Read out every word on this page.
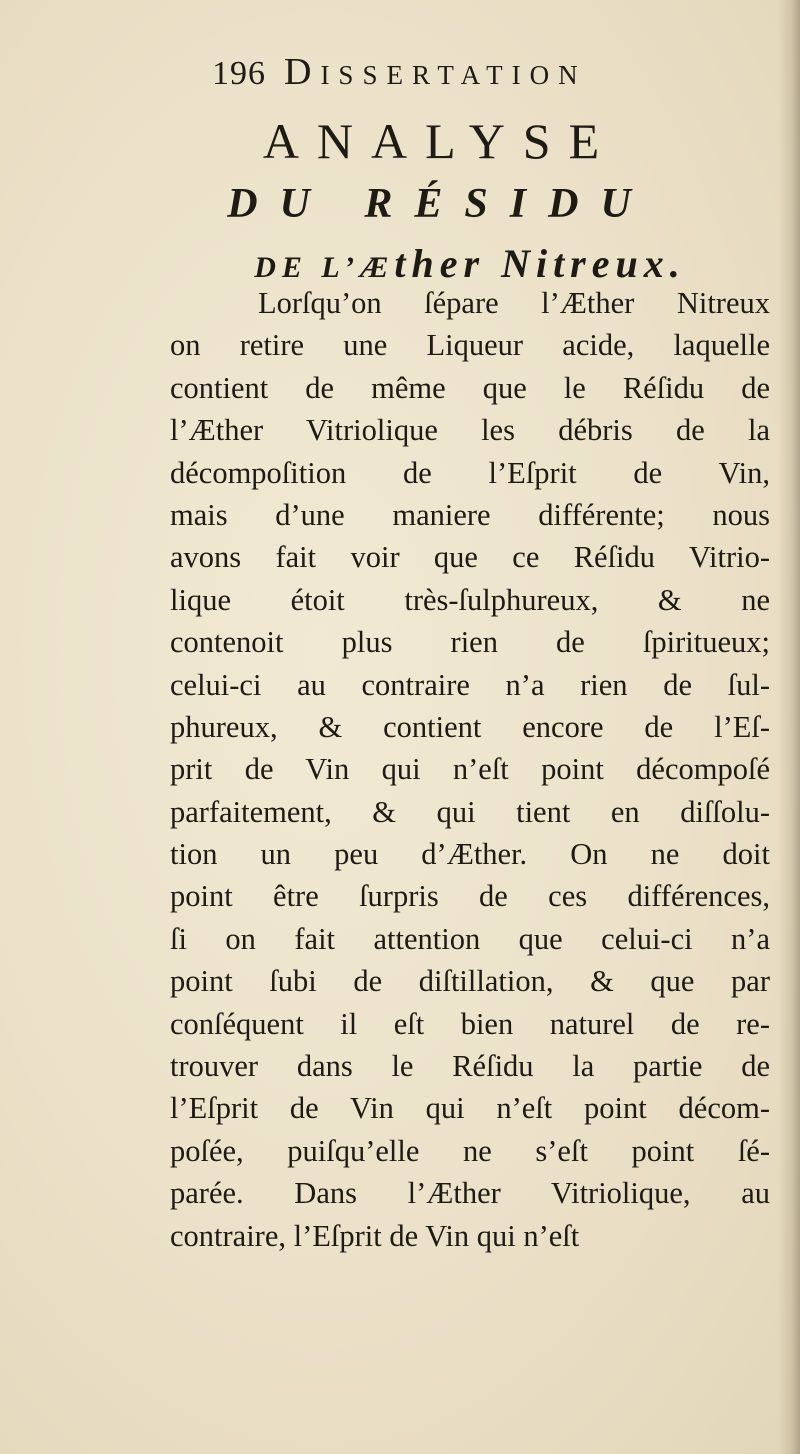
196 Dissertation
ANALYSE
DU RÉSIDU
DE L’Æther Nitreux.
Lorſqu’on ſépare l’Æther Nitreux
on retire une Liqueur acide, laquelle
contient de même que le Réſidu de
l’Æther Vitriolique les débris de la
décompoſition de l’Eſprit de Vin,
mais d’une maniere différente; nous
avons fait voir que ce Réſidu Vitrio-
lique étoit très-ſulphureux, & ne
contenoit plus rien de ſpiritueux;
celui-ci au contraire n’a rien de ſul-
phureux, & contient encore de l’Eſ-
prit de Vin qui n’eſt point décompoſé
parfaitement, & qui tient en diſſolu-
tion un peu d’Æther. On ne doit
point être ſurpris de ces différences,
ſi on fait attention que celui-ci n’a
point ſubi de diſtillation, & que par
conſéquent il eſt bien naturel de re-
trouver dans le Réſidu la partie de
l’Eſprit de Vin qui n’eſt point décom-
poſée, puiſqu’elle ne s’eſt point ſé-
parée. Dans l’Æther Vitriolique, au
contraire, l’Eſprit de Vin qui n’eſt
